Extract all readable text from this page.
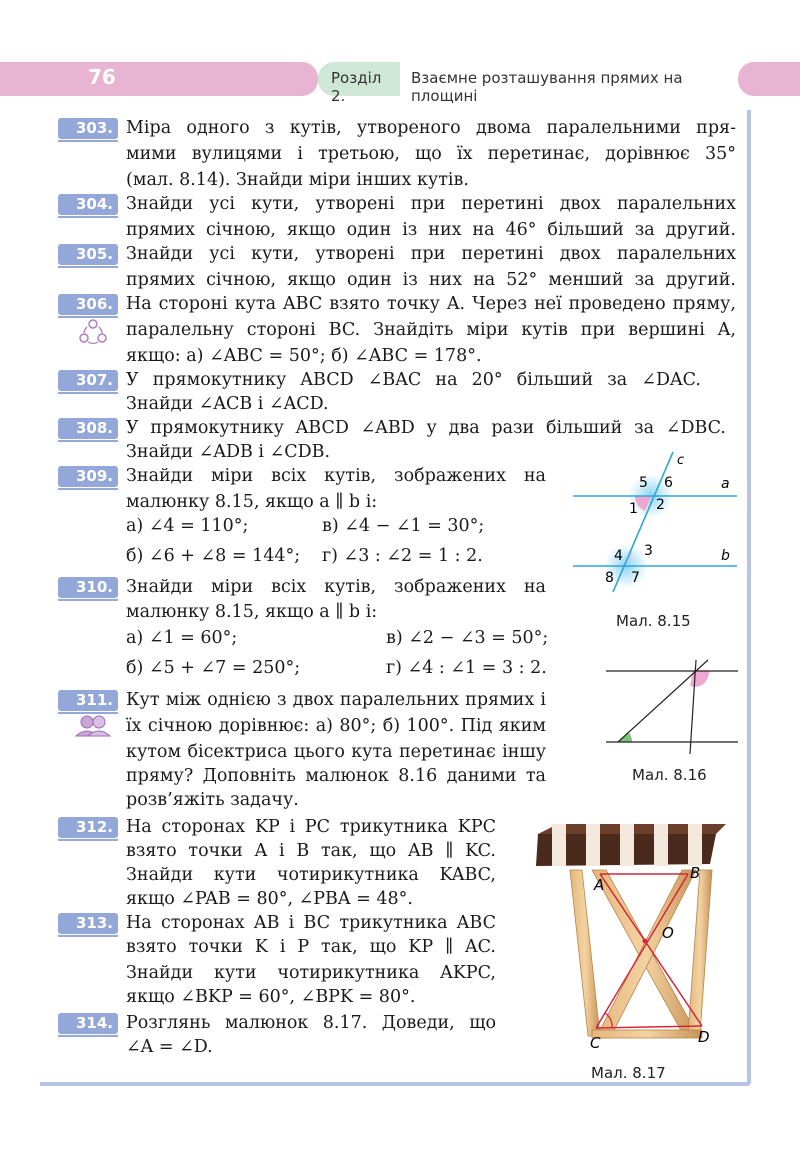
76	Розділ 2.
Взаємне розташування прямих на площині
303. Міра одного з кутів, утвореного двома паралельними пря-
мими вулицями і третьою, що їх перетинає, дорівнює 35°
(мал. 8.14). Знайди міри інших кутів.
304. Знайди усі кути, утворені при перетині двох паралельних
прямих січною, якщо один із них на 46° більший за другий.
305. Знайди усі кути, утворені при перетині двох паралельних
прямих січною, якщо один із них на 52° менший за другий.
306. На стороні кута ABC взято точку A. Через неї проведено пряму,
паралельну стороні BC. Знайдіть міри кутів при вершині A,
якщо: а) ∠ABC = 50°; б) ∠ABC = 178°.
307. У прямокутнику ABCD ∠BAC на 20° більший за ∠DAC.
Знайди ∠ACB і ∠ACD.
308. У прямокутнику ABCD ∠ABD у два рази більший за ∠DBC.
Знайди ∠ADB і ∠CDB.
309. Знайди міри всіх кутів, зображених на
малюнку 8.15, якщо a ∥ b і:
а) ∠4 = 110°;	в) ∠4 − ∠1 = 30°;
б) ∠6 + ∠8 = 144°; г) ∠3 : ∠2 = 1 : 2.
310. Знайди міри всіх кутів, зображених на
малюнку 8.15, якщо a ∥ b і:
а) ∠1 = 60°;	в) ∠2 − ∠3 = 50°;
б) ∠5 + ∠7 = 250°;	г) ∠4 : ∠1 = 3 : 2.
311. Кут між однією з двох паралельних прямих і
їх січною дорівнює: а) 80°; б) 100°. Під яким
кутом бісектриса цього кута перетинає іншу
пряму? Доповніть малюнок 8.16 даними та
розв’яжіть задачу.
312. На сторонах KP і PC трикутника KPC
взято точки A і B так, що AB ∥ KC.
Знайди кути чотирикутника KABC,
якщо ∠PAB = 80°, ∠PBA = 48°.
313. На сторонах AB і BC трикутника ABC
взято точки K і P так, що KP ∥ AC.
Знайди кути чотирикутника AKPC,
якщо ∠BKP = 60°, ∠BPK = 80°.
314. Розглянь малюнок 8.17. Доведи, що
∠A = ∠D.
c
5 6	a
1 2
4 3	b
8 7
Мал. 8.15
Мал. 8.16
A
B
O
C	D
Мал. 8.17
